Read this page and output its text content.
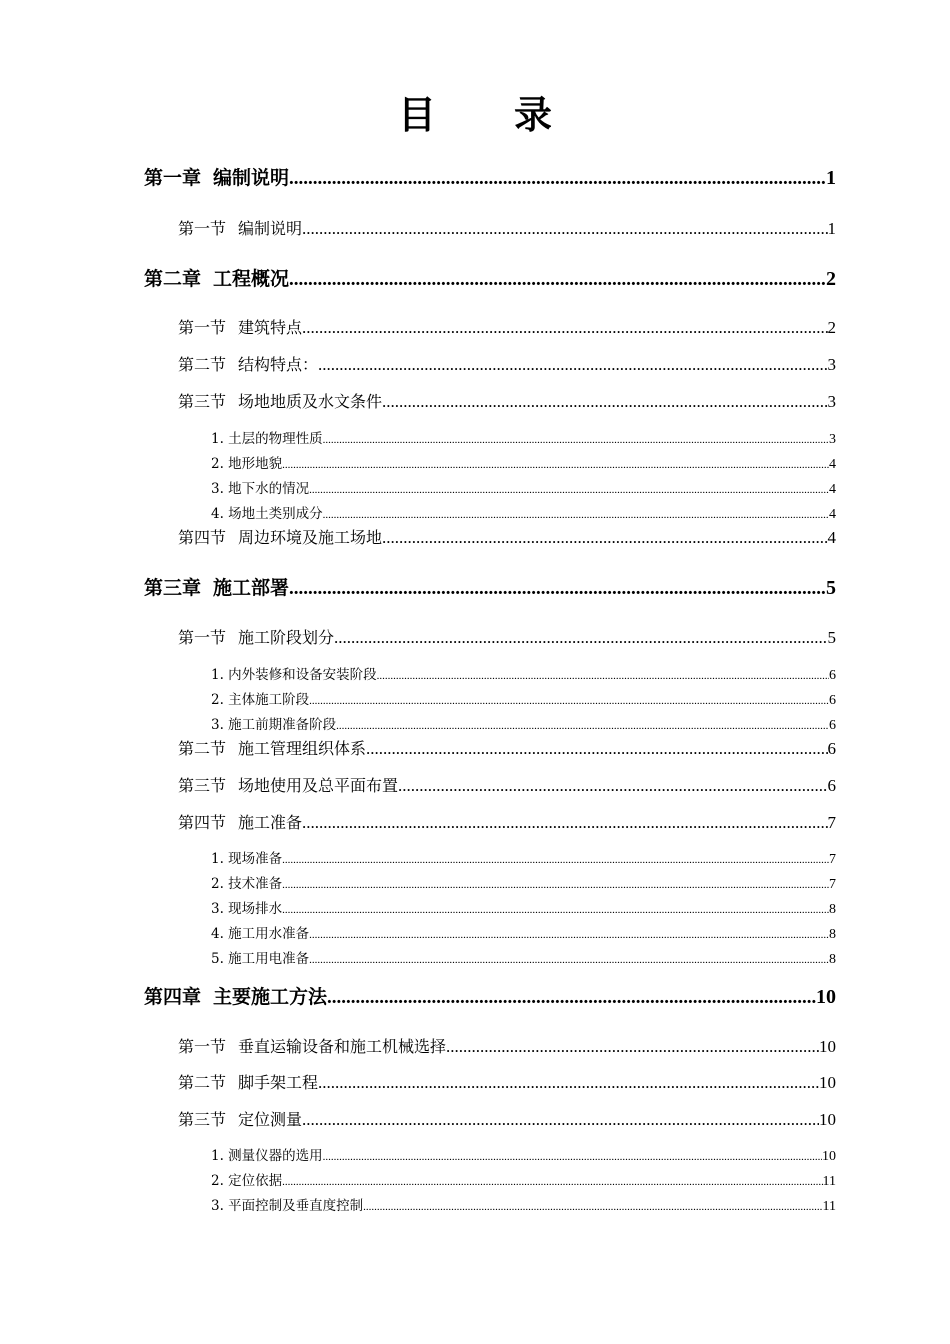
目 录
第一章 编制说明 .....	1
第一节 编制说明 .....	1
第二章 工程概况 .....	2
第一节 建筑特点 .....	2
第二节 结构特点： .....	3
第三节 场地地质及水文条件 .....	3
1. 土层的物理性质 .....	3
2. 地形地貌 .....	4
3. 地下水的情况 .....	4
4. 场地土类别成分 .....	4
第四节 周边环境及施工场地 .....	4
第三章 施工部署 .....	5
第一节 施工阶段划分 .....	5
1. 内外装修和设备安装阶段 .....	6
2. 主体施工阶段 .....	6
3. 施工前期准备阶段 .....	6
第二节 施工管理组织体系 .....	6
第三节 场地使用及总平面布置 .....	6
第四节 施工准备 .....	7
1. 现场准备 .....	7
2. 技术准备 .....	7
3. 现场排水 .....	8
4. 施工用水准备 .....	8
5. 施工用电准备 .....	8
第四章 主要施工方法 .....	10
第一节 垂直运输设备和施工机械选择 .....	10
第二节 脚手架工程 .....	10
第三节 定位测量 .....	10
1. 测量仪器的选用 .....	10
2. 定位依据 .....	11
3. 平面控制及垂直度控制 .....	11
